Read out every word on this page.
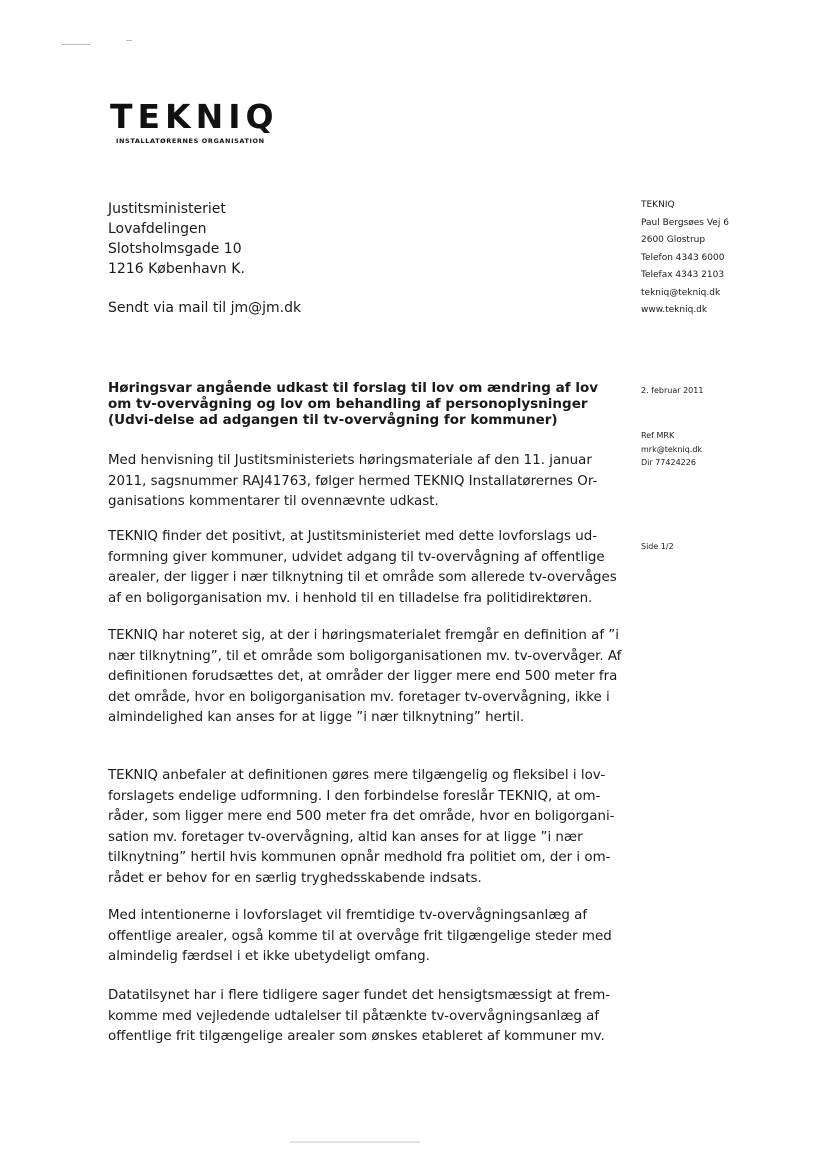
TEKNIQ
INSTALLATØRERNES ORGANISATION
Justitsministeriet
Lovafdelingen
Slotsholmsgade 10
1216 København K.
Sendt via mail til jm@jm.dk
TEKNIQ
Paul Bergsøes Vej 6
2600 Glostrup
Telefon 4343 6000
Telefax 4343 2103
tekniq@tekniq.dk
www.tekniq.dk
2. februar 2011
Ref MRK
mrk@tekniq.dk
Dir 77424226
Side 1/2

Høringsvar angående udkast til forslag til lov om ændring af lov om tv-overvågning og lov om behandling af personoplysninger (Udvi-delse ad adgangen til tv-overvågning for kommuner)

Med henvisning til Justitsministeriets høringsmateriale af den 11. januar 2011, sagsnummer RAJ41763, følger hermed TEKNIQ Installatørernes Or-ganisations kommentarer til ovennævnte udkast.

TEKNIQ finder det positivt, at Justitsministeriet med dette lovforslags ud-formning giver kommuner, udvidet adgang til tv-overvågning af offentlige arealer, der ligger i nær tilknytning til et område som allerede tv-overvåges af en boligorganisation mv. i henhold til en tilladelse fra politidirektøren.

TEKNIQ har noteret sig, at der i høringsmaterialet fremgår en definition af ”i nær tilknytning”, til et område som boligorganisationen mv. tv-overvåger. Af definitionen forudsættes det, at områder der ligger mere end 500 meter fra det område, hvor en boligorganisation mv. foretager tv-overvågning, ikke i almindelighed kan anses for at ligge ”i nær tilknytning” hertil.

TEKNIQ anbefaler at definitionen gøres mere tilgængelig og fleksibel i lov-forslagets endelige udformning. I den forbindelse foreslår TEKNIQ, at om-råder, som ligger mere end 500 meter fra det område, hvor en boligorgani-sation mv. foretager tv-overvågning, altid kan anses for at ligge ”i nær tilknytning” hertil hvis kommunen opnår medhold fra politiet om, der i om-rådet er behov for en særlig tryghedsskabende indsats.

Med intentionerne i lovforslaget vil fremtidige tv-overvågningsanlæg af offentlige arealer, også komme til at overvåge frit tilgængelige steder med almindelig færdsel i et ikke ubetydeligt omfang.

Datatilsynet har i flere tidligere sager fundet det hensigtsmæssigt at frem-komme med vejledende udtalelser til påtænkte tv-overvågningsanlæg af offentlige frit tilgængelige arealer som ønskes etableret af kommuner mv.
